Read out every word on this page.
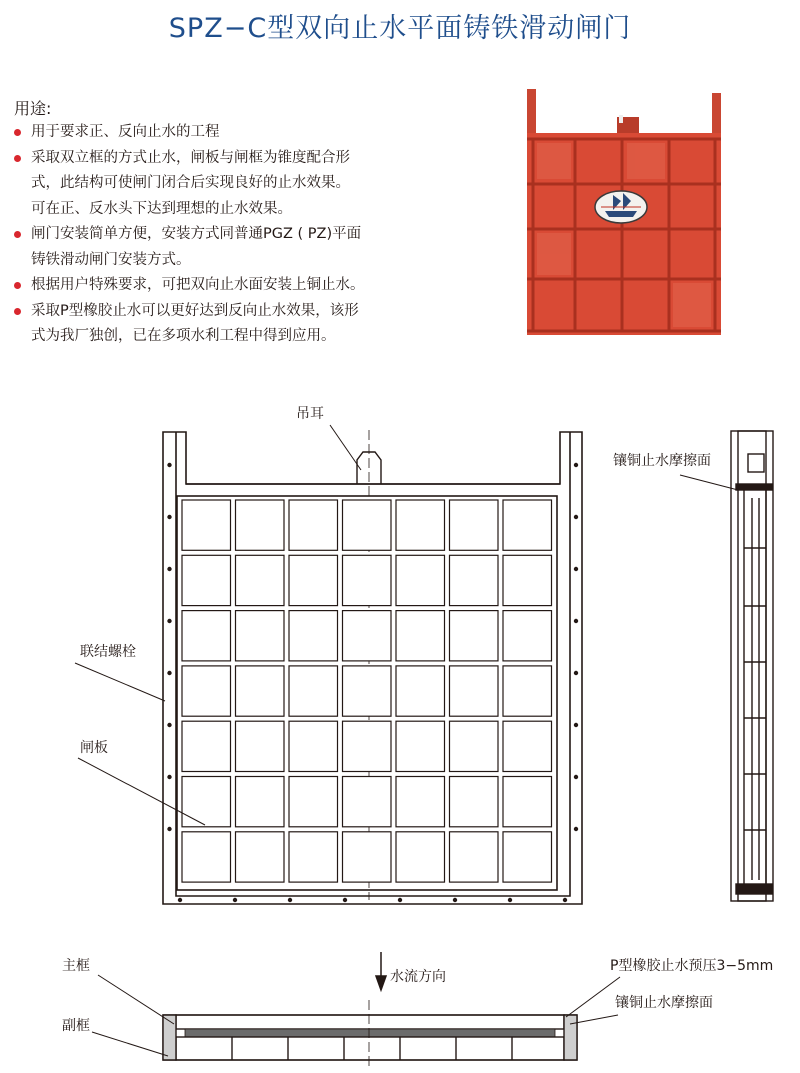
SPZ−C型双向止水平面铸铁滑动闸门
用途:
用于要求正、反向止水的工程
采取双立框的方式止水，闸板与闸框为锥度配合形
式，此结构可使闸门闭合后实现良好的止水效果。
可在正、反水头下达到理想的止水效果。
闸门安装简单方便，安装方式同普通PGZ ( PZ)平面
铸铁滑动闸门安装方式。
根据用户特殊要求，可把双向止水面安装上铜止水。
采取P型橡胶止水可以更好达到反向止水效果，该形
式为我厂独创，已在多项水利工程中得到应用。
吊耳
联结螺栓
闸板
镶铜止水摩擦面
主框
副框
水流方向
P型橡胶止水预压3−5mm
镶铜止水摩擦面
